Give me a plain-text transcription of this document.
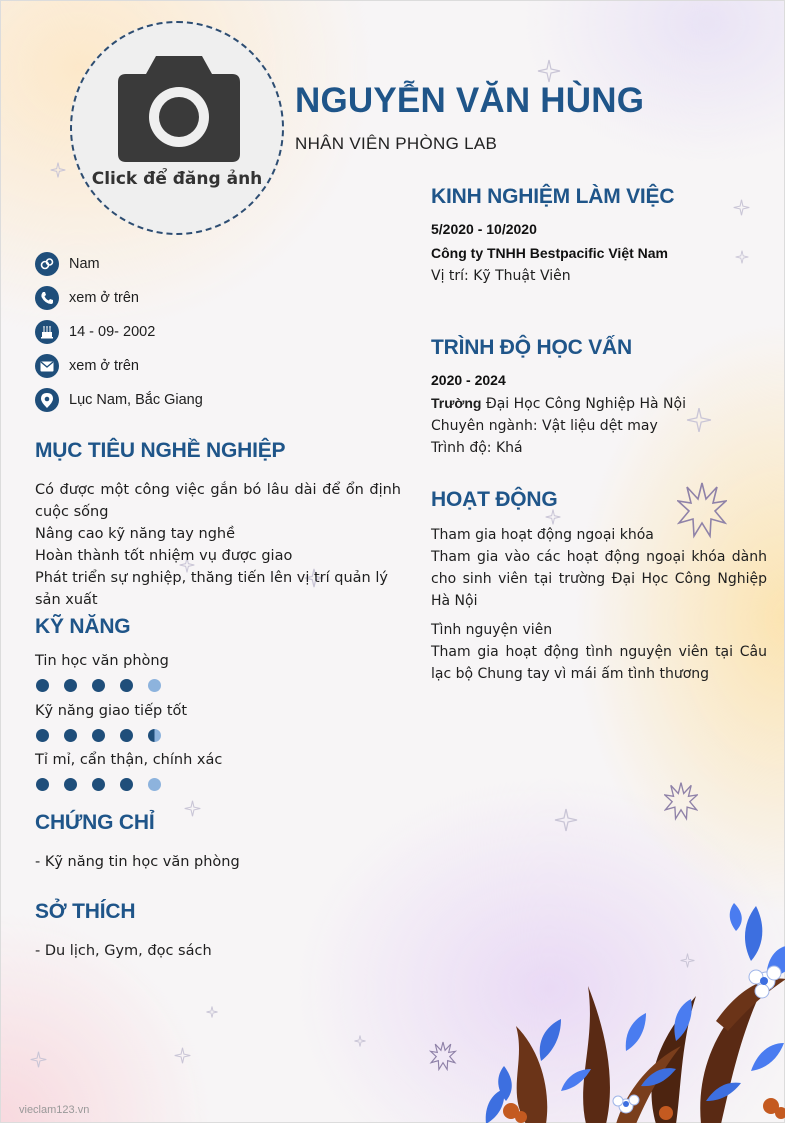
Click để đăng ảnh
NGUYỄN VĂN HÙNG
NHÂN VIÊN PHÒNG LAB
Nam
xem ở trên
14 - 09- 2002
xem ở trên
Lục Nam, Bắc Giang
MỤC TIÊU NGHỀ NGHIỆP
Có được một công việc gắn bó lâu dài để ổn định cuộc sống
Nâng cao kỹ năng tay nghề
Hoàn thành tốt nhiệm vụ được giao
Phát triển sự nghiệp, thăng tiến lên vị trí quản lý sản xuất
KỸ NĂNG
Tin học văn phòng
Kỹ năng giao tiếp tốt
Tỉ mỉ, cẩn thận, chính xác
CHỨNG CHỈ
- Kỹ năng tin học văn phòng
SỞ THÍCH
- Du lịch, Gym, đọc sách
KINH NGHIỆM LÀM VIỆC
5/2020 - 10/2020
Công ty TNHH Bestpacific Việt Nam
Vị trí: Kỹ Thuật Viên
TRÌNH ĐỘ HỌC VẤN
2020 - 2024
Trường Đại Học Công Nghiệp Hà Nội
Chuyên ngành: Vật liệu dệt may
Trình độ: Khá
HOẠT ĐỘNG
Tham gia hoạt động ngoại khóa
Tham gia vào các hoạt động ngoại khóa dành cho sinh viên tại trường Đại Học Công Nghiệp Hà Nội
Tình nguyện viên
Tham gia hoạt động tình nguyện viên tại Câu lạc bộ Chung tay vì mái ấm tình thương
vieclam123.vn
